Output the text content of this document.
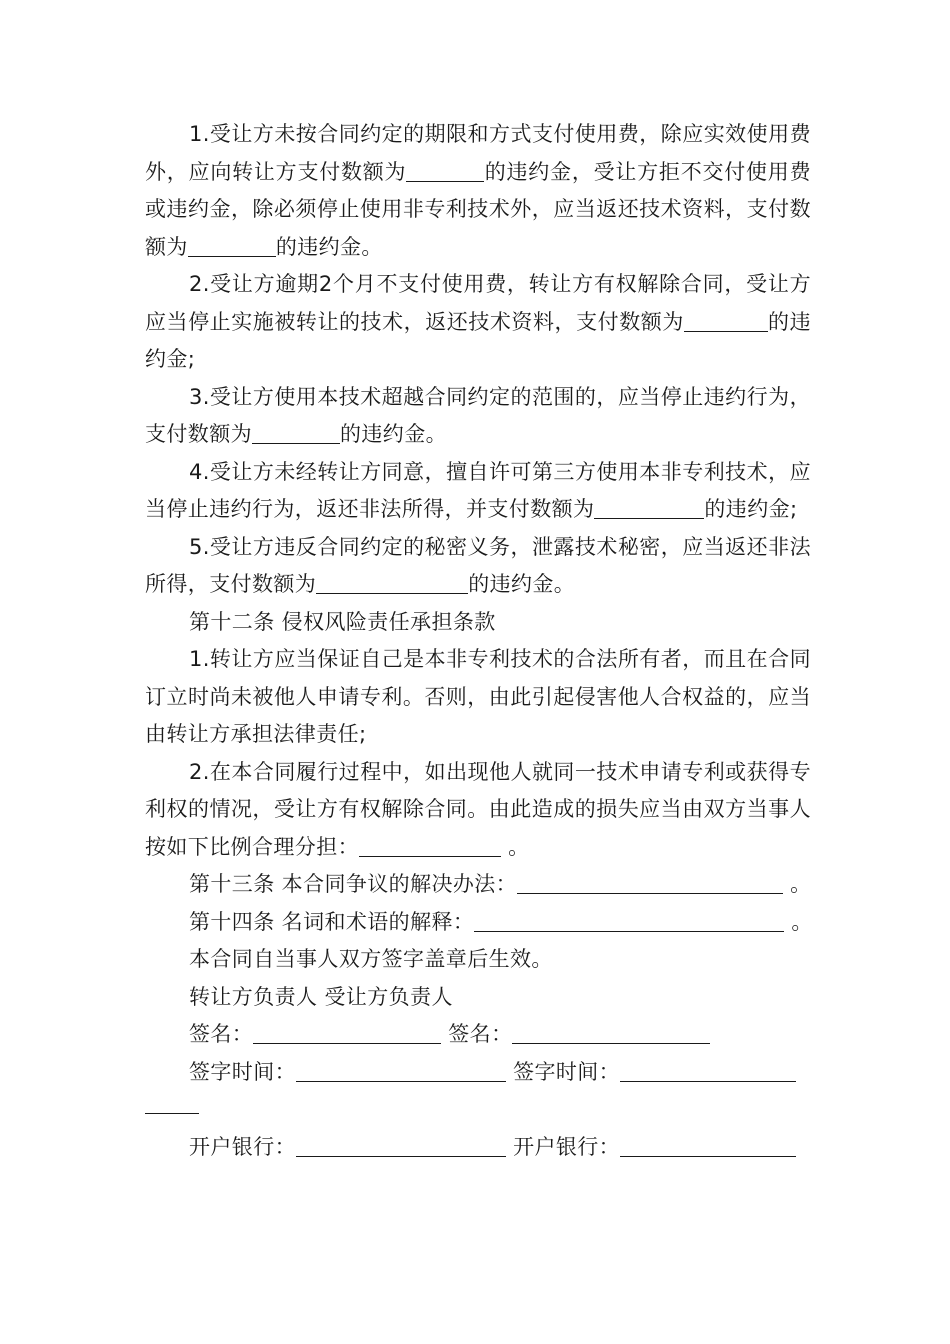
1.受让方未按合同约定的期限和方式支付使用费，除应实效使用费外，应向转让方支付数额为	的违约金，受让方拒不交付使用费或违约金，除必须停止使用非专利技术外，应当返还技术资料，支付数额为	的违约金。

2.受让方逾期2个月不支付使用费，转让方有权解除合同，受让方应当停止实施被转让的技术，返还技术资料，支付数额为	的违约金;

3.受让方使用本技术超越合同约定的范围的，应当停止违约行为，支付数额为	的违约金。

4.受让方未经转让方同意，擅自许可第三方使用本非专利技术，应当停止违约行为，返还非法所得，并支付数额为	的违约金;

5.受让方违反合同约定的秘密义务，泄露技术秘密，应当返还非法所得，支付数额为	的违约金。

第十二条 侵权风险责任承担条款

1.转让方应当保证自己是本非专利技术的合法所有者，而且在合同订立时尚未被他人申请专利。否则，由此引起侵害他人合权益的，应当由转让方承担法律责任;

2.在本合同履行过程中，如出现他人就同一技术申请专利或获得专利权的情况，受让方有权解除合同。由此造成的损失应当由双方当事人按如下比例合理分担：	。

第十三条 本合同争议的解决办法：	。

第十四条 名词和术语的解释：	。

本合同自当事人双方签字盖章后生效。

转让方负责人 受让方负责人

签名：	签名：

签字时间：	签字时间：

开户银行：	开户银行：
